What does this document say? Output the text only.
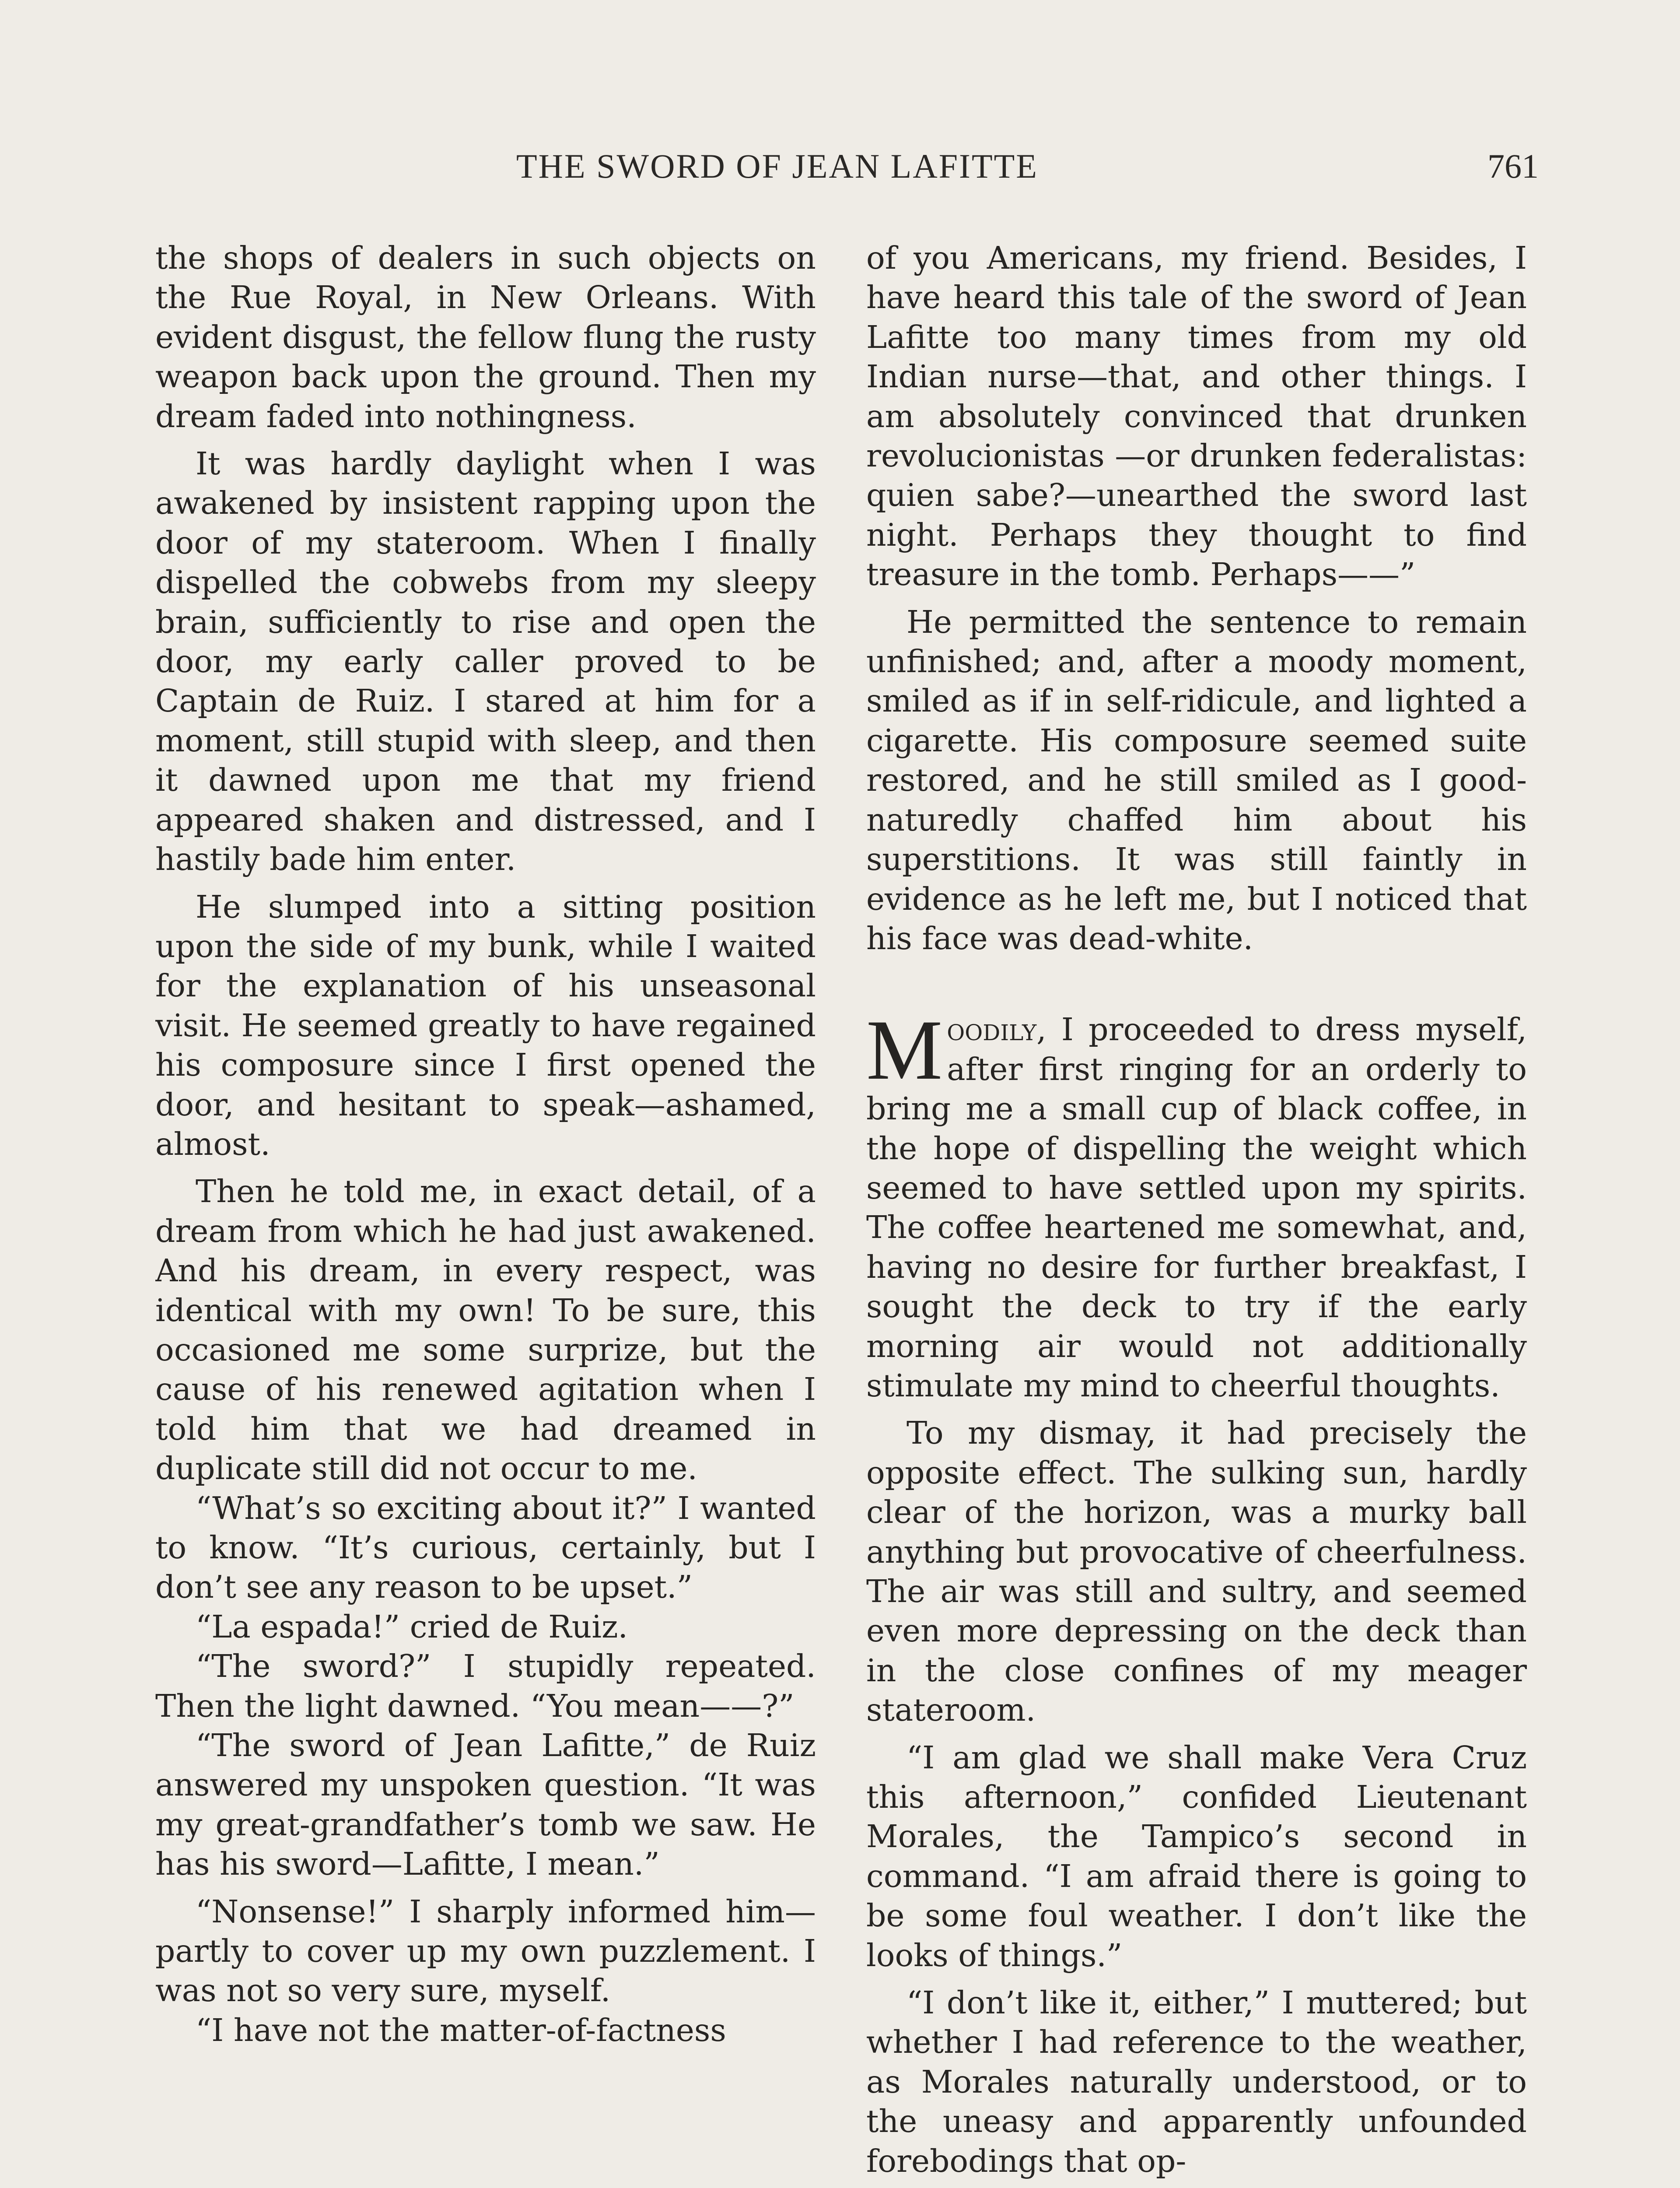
THE SWORD OF JEAN LAFITTE	761

the shops of dealers in such objects on the Rue Royal, in New Orleans. With evident disgust, the fellow flung the rusty weapon back upon the ground. Then my dream faded into nothingness.

It was hardly daylight when I was awakened by insistent rapping upon the door of my stateroom. When I finally dispelled the cobwebs from my sleepy brain, sufficiently to rise and open the door, my early caller proved to be Captain de Ruiz. I stared at him for a moment, still stupid with sleep, and then it dawned upon me that my friend appeared shaken and distressed, and I hastily bade him enter.

He slumped into a sitting position upon the side of my bunk, while I waited for the explanation of his unseasonal visit. He seemed greatly to have regained his composure since I first opened the door, and hesitant to speak—ashamed, almost.

Then he told me, in exact detail, of a dream from which he had just awakened. And his dream, in every respect, was identical with my own! To be sure, this occasioned me some surprize, but the cause of his renewed agitation when I told him that we had dreamed in duplicate still did not occur to me.

“What’s so exciting about it?” I wanted to know. “It’s curious, certainly, but I don’t see any reason to be upset.”

“La espada!” cried de Ruiz.

“The sword?” I stupidly repeated. Then the light dawned. “You mean——?”

“The sword of Jean Lafitte,” de Ruiz answered my unspoken question. “It was my great-grandfather’s tomb we saw. He has his sword—Lafitte, I mean.”

“Nonsense!” I sharply informed him—partly to cover up my own puzzlement. I was not so very sure, myself.

“I have not the matter-of-factness

of you Americans, my friend. Besides, I have heard this tale of the sword of Jean Lafitte too many times from my old Indian nurse—that, and other things. I am absolutely convinced that drunken revolucionistas —or drunken federalistas: quien sabe?—unearthed the sword last night. Perhaps they thought to find treasure in the tomb. Perhaps——”

He permitted the sentence to remain unfinished; and, after a moody moment, smiled as if in self-ridicule, and lighted a cigarette. His composure seemed suite restored, and he still smiled as I good-naturedly chaffed him about his superstitions. It was still faintly in evidence as he left me, but I noticed that his face was dead-white.

Moodily, I proceeded to dress myself, after first ringing for an orderly to bring me a small cup of black coffee, in the hope of dispelling the weight which seemed to have settled upon my spirits. The coffee heartened me somewhat, and, having no desire for further breakfast, I sought the deck to try if the early morning air would not additionally stimulate my mind to cheerful thoughts.

To my dismay, it had precisely the opposite effect. The sulking sun, hardly clear of the horizon, was a murky ball anything but provocative of cheerfulness. The air was still and sultry, and seemed even more depressing on the deck than in the close confines of my meager stateroom.

“I am glad we shall make Vera Cruz this afternoon,” confided Lieutenant Morales, the Tampico’s second in command. “I am afraid there is going to be some foul weather. I don’t like the looks of things.”

“I don’t like it, either,” I muttered; but whether I had reference to the weather, as Morales naturally understood, or to the uneasy and apparently unfounded forebodings that op-
